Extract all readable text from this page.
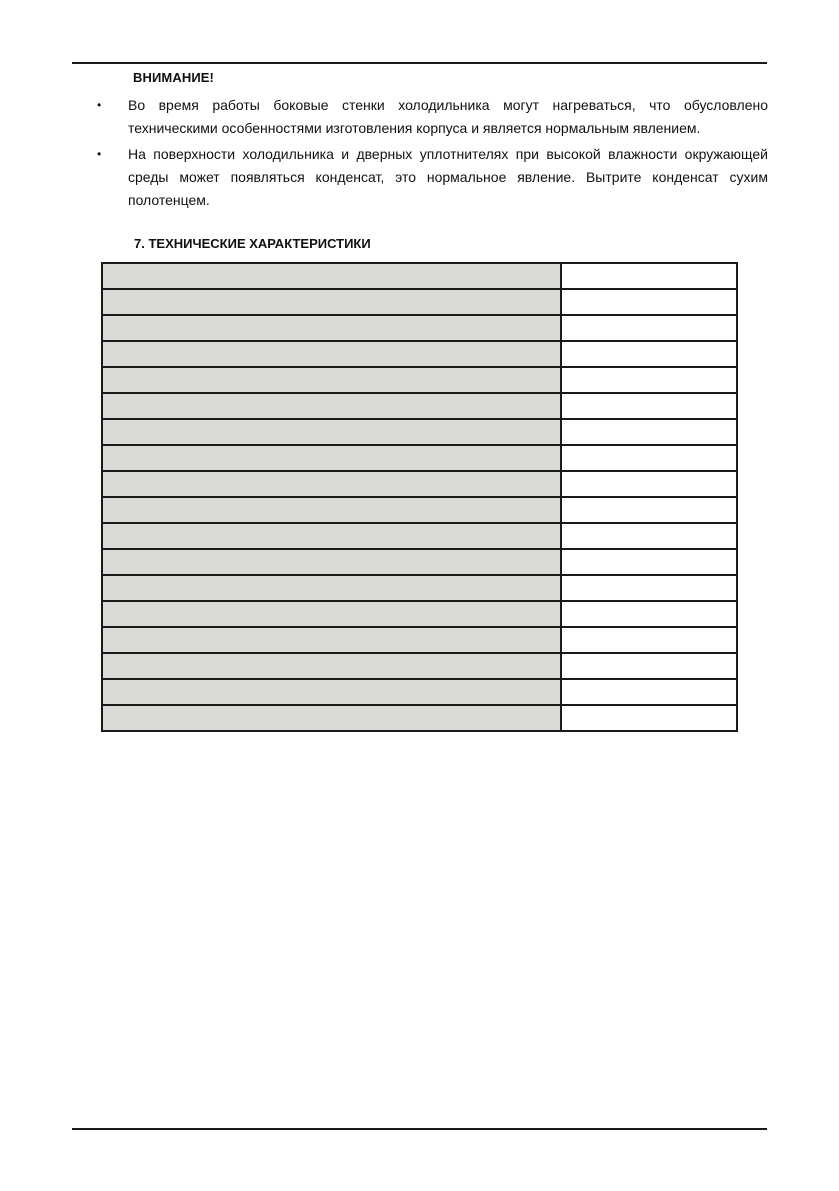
ВНИМАНИЕ!
• Во время работы боковые стенки холодильника могут нагреваться, что обусловлено техническими особенностями изготовления корпуса и является нормальным явлением.
• На поверхности холодильника и дверных уплотнителях при высокой влажности окружающей среды может появляться конденсат, это нормальное явление. Вытрите конденсат сухим полотенцем.
7. ТЕХНИЧЕСКИЕ ХАРАКТЕРИСТИКИ
